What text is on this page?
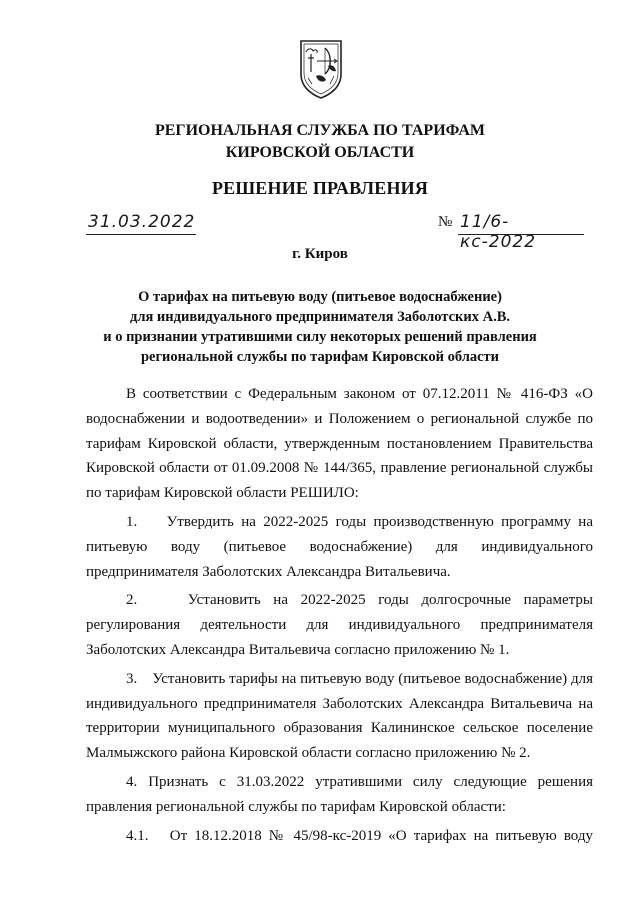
РЕГИОНАЛЬНАЯ СЛУЖБА ПО ТАРИФАМ
КИРОВСКОЙ ОБЛАСТИ
РЕШЕНИЕ ПРАВЛЕНИЯ
31.03.2022	№ 11/6-кс-2022
г. Киров
О тарифах на питьевую воду (питьевое водоснабжение)
для индивидуального предпринимателя Заболотских А.В.
и о признании утратившими силу некоторых решений правления
региональной службы по тарифам Кировской области

В соответствии с Федеральным законом от 07.12.2011 № 416-ФЗ «О водоснабжении и водоотведении» и Положением о региональной службе по тарифам Кировской области, утвержденным постановлением Правительства Кировской области от 01.09.2008 № 144/365, правление региональной службы по тарифам Кировской области РЕШИЛО:

1.    Утвердить на 2022-2025 годы производственную программу на питьевую воду (питьевое водоснабжение) для индивидуального предпринимателя Заболотских Александра Витальевича.

2.    Установить на 2022-2025 годы долгосрочные параметры регулирования деятельности для индивидуального предпринимателя Заболотских Александра Витальевича согласно приложению № 1.

3.    Установить тарифы на питьевую воду (питьевое водоснабжение) для индивидуального предпринимателя Заболотских Александра Витальевича на территории муниципального образования Калининское сельское поселение Малмыжского района Кировской области согласно приложению № 2.

4. Признать с 31.03.2022 утратившими силу следующие решения правления региональной службы по тарифам Кировской области:

4.1.   От 18.12.2018 № 45/98-кс-2019 «О тарифах на питьевую воду
